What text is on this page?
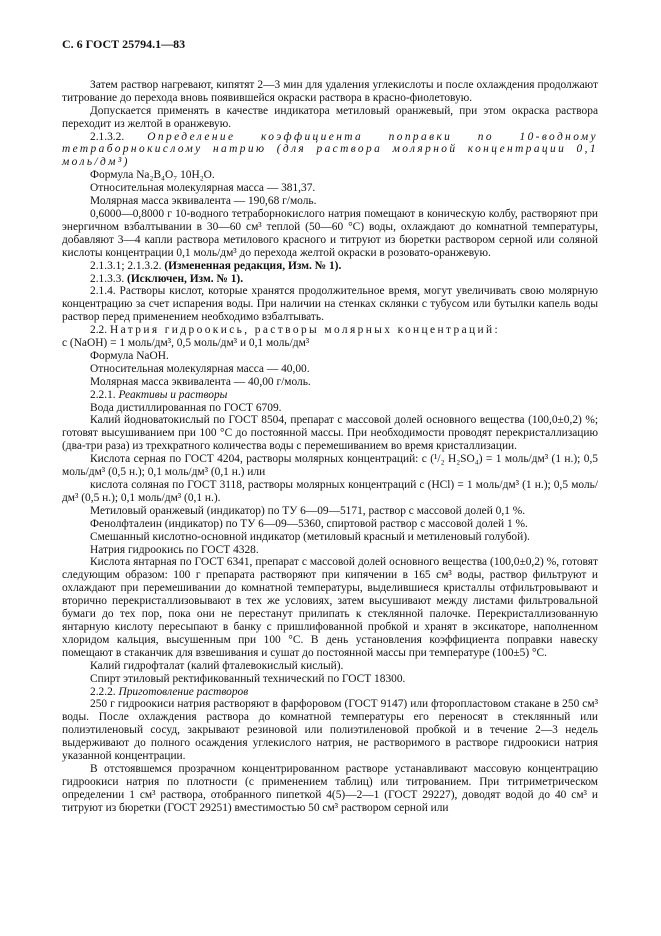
С. 6 ГОСТ 25794.1—83

Затем раствор нагревают, кипятят 2—3 мин для удаления углекислоты и после охлаждения продолжают титрование до перехода вновь появившейся окраски раствора в красно-фиолетовую.

Допускается применять в качестве индикатора метиловый оранжевый, при этом окраска раствора переходит из желтой в оранжевую.

2.1.3.2. Определение коэффициента поправки по 10-водному тетраборнокислому натрию (для раствора молярной концентрации 0,1 моль/дм³)

Формула Na₂B₄O₇ 10H₂O.

Относительная молекулярная масса — 381,37.

Молярная масса эквивалента — 190,68 г/моль.

0,6000—0,8000 г 10-водного тетраборнокислого натрия помещают в коническую колбу, растворяют при энергичном взбалтывании в 30—60 см³ теплой (50—60 °С) воды, охлаждают до комнатной температуры, добавляют 3—4 капли раствора метилового красного и титруют из бюретки раствором серной или соляной кислоты концентрации 0,1 моль/дм³ до перехода желтой окраски в розовато-оранжевую.

2.1.3.1; 2.1.3.2. (Измененная редакция, Изм. № 1).

2.1.3.3. (Исключен, Изм. № 1).

2.1.4. Растворы кислот, которые хранятся продолжительное время, могут увеличивать свою молярную концентрацию за счет испарения воды. При наличии на стенках склянки с тубусом или бутылки капель воды раствор перед применением необходимо взбалтывать.

2.2. Натрия гидроокись, растворы молярных концентраций:

c (NaOH) = 1 моль/дм³, 0,5 моль/дм³ и 0,1 моль/дм³

Формула NaOH.

Относительная молекулярная масса — 40,00.

Молярная масса эквивалента — 40,00 г/моль.

2.2.1. Реактивы и растворы

Вода дистиллированная по ГОСТ 6709.

Калий йодноватокислый по ГОСТ 8504, препарат с массовой долей основного вещества (100,0±0,2) %; готовят высушиванием при 100 °С до постоянной массы. При необходимости проводят перекристаллизацию (два-три раза) из трехкратного количества воды с перемешиванием во время кристаллизации.

Кислота серная по ГОСТ 4204, растворы молярных концентраций: c (¹/₂ H₂SO₄) = 1 моль/дм³ (1 н.); 0,5 моль/дм³ (0,5 н.); 0,1 моль/дм³ (0,1 н.) или

кислота соляная по ГОСТ 3118, растворы молярных концентраций c (HCl) = 1 моль/дм³ (1 н.); 0,5 моль/дм³ (0,5 н.); 0,1 моль/дм³ (0,1 н.).

Метиловый оранжевый (индикатор) по ТУ 6—09—5171, раствор с массовой долей 0,1 %.

Фенолфталеин (индикатор) по ТУ 6—09—5360, спиртовой раствор с массовой долей 1 %.

Смешанный кислотно-основной индикатор (метиловый красный и метиленовый голубой).

Натрия гидроокись по ГОСТ 4328.

Кислота янтарная по ГОСТ 6341, препарат с массовой долей основного вещества (100,0±0,2) %, готовят следующим образом: 100 г препарата растворяют при кипячении в 165 см³ воды, раствор фильтруют и охлаждают при перемешивании до комнатной температуры, выделившиеся кристаллы отфильтровывают и вторично перекристаллизовывают в тех же условиях, затем высушивают между листами фильтровальной бумаги до тех пор, пока они не перестанут прилипать к стеклянной палочке. Перекристаллизованную янтарную кислоту пересыпают в банку с пришлифованной пробкой и хранят в эксикаторе, наполненном хлоридом кальция, высушенным при 100 °С. В день установления коэффициента поправки навеску помещают в стаканчик для взвешивания и сушат до постоянной массы при температуре (100±5) °С.

Калий гидрофталат (калий фталевокислый кислый).

Спирт этиловый ректификованный технический по ГОСТ 18300.

2.2.2. Приготовление растворов

250 г гидроокиси натрия растворяют в фарфоровом (ГОСТ 9147) или фторопластовом стакане в 250 см³ воды. После охлаждения раствора до комнатной температуры его переносят в стеклянный или полиэтиленовый сосуд, закрывают резиновой или полиэтиленовой пробкой и в течение 2—3 недель выдерживают до полного осаждения углекислого натрия, не растворимого в растворе гидроокиси натрия указанной концентрации.

В отстоявшемся прозрачном концентрированном растворе устанавливают массовую концентрацию гидроокиси натрия по плотности (с применением таблиц) или титрованием. При титриметрическом определении 1 см³ раствора, отобранного пипеткой 4(5)—2—1 (ГОСТ 29227), доводят водой до 40 см³ и титруют из бюретки (ГОСТ 29251) вместимостью 50 см³ раствором серной или
